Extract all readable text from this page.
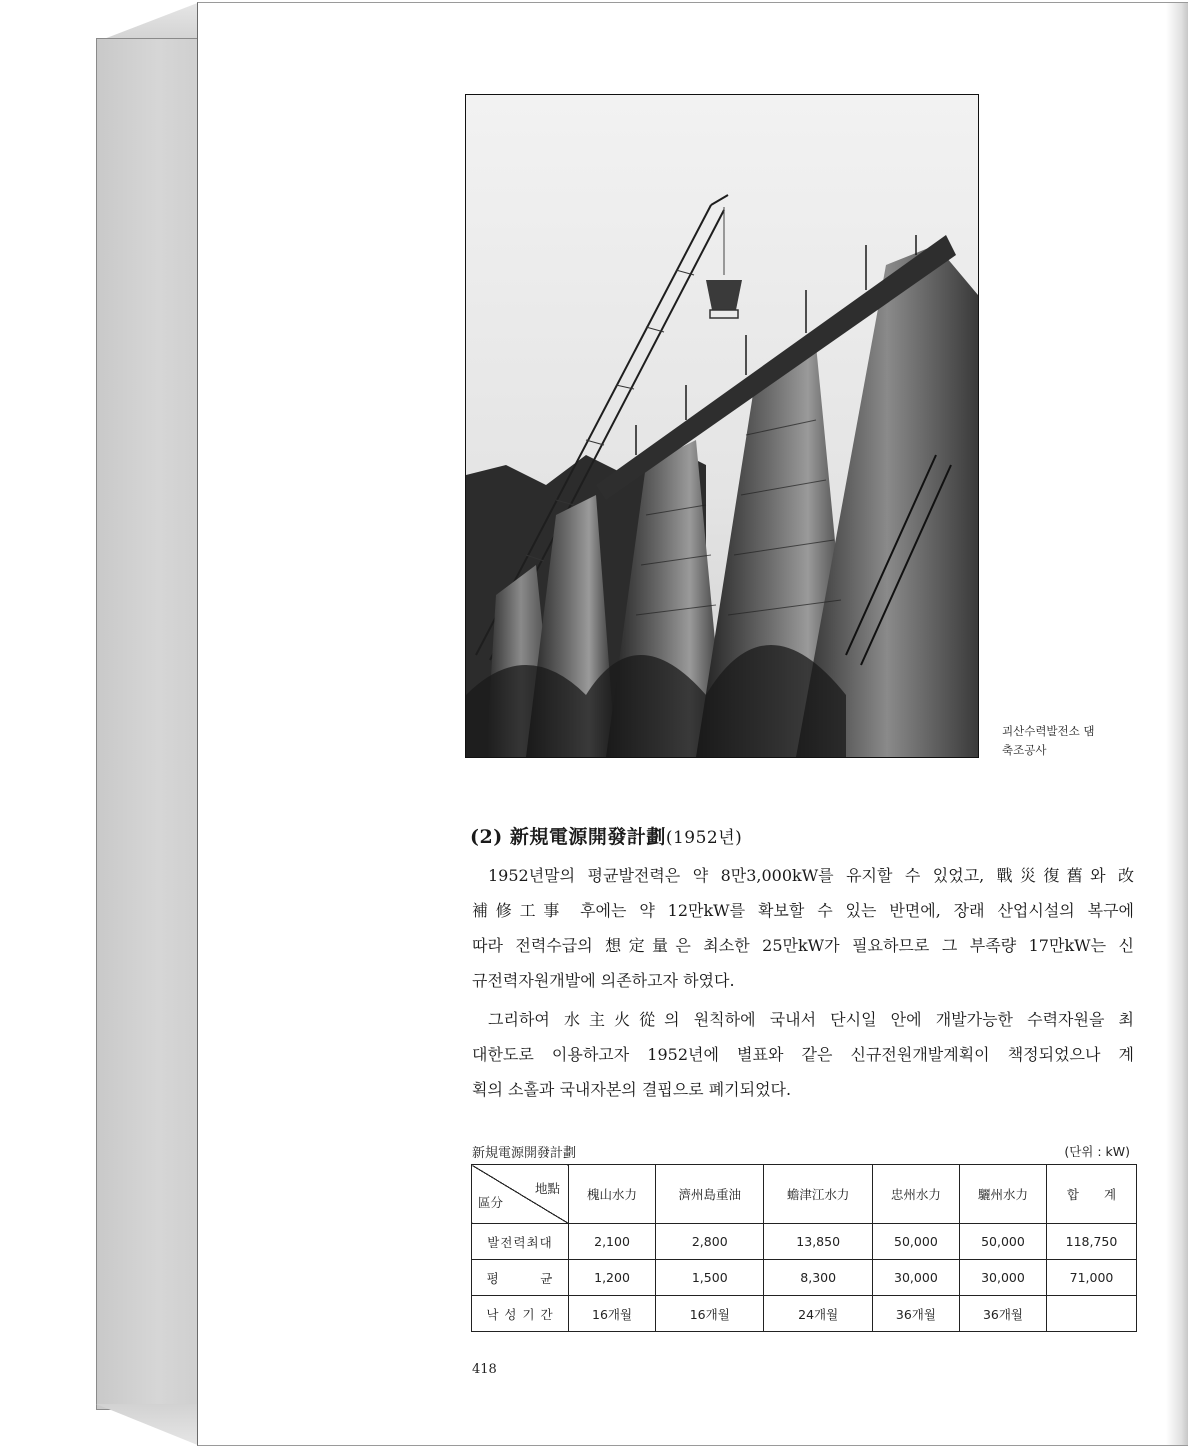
괴산수력발전소 댐
축조공사
(2) 新規電源開發計劃(1952년)
1952년말의 평균발전력은 약 8만3,000kW를 유지할 수 있었고, 戰災復舊와 改
補修工事 후에는 약 12만kW를 확보할 수 있는 반면에, 장래 산업시설의 복구에
따라 전력수급의 想定量은 최소한 25만kW가 필요하므로 그 부족량 17만kW는 신
규전력자원개발에 의존하고자 하였다.
그리하여 水主火從의 원칙하에 국내서 단시일 안에 개발가능한 수력자원을 최
대한도로 이용하고자 1952년에 별표와 같은 신규전원개발계획이 책정되었으나 계
획의 소홀과 국내자본의 결핍으로 폐기되었다.
新規電源開發計劃	(단위 : kW)
地點
區分	槐山水力	濟州島重油	蟾津江水力	忠州水力	驪州水力	합　　계
발전력최대	2,100	2,800	13,850	50,000	50,000	118,750
평　　　균	1,200	1,500	8,300	30,000	30,000	71,000
낙 성 기 간	16개월	16개월	24개월	36개월	36개월	
418
